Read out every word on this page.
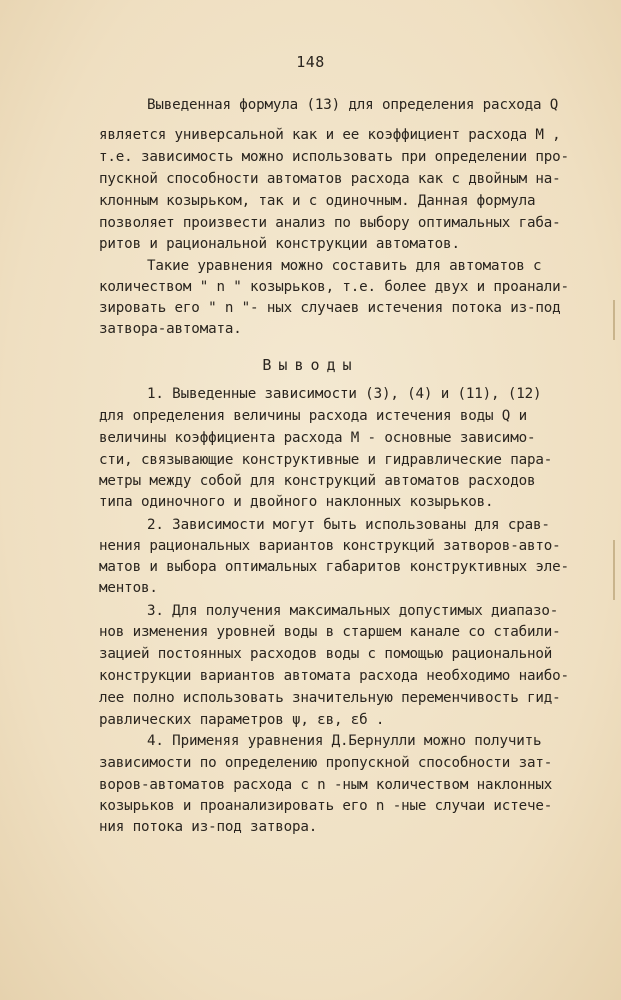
148
Выведенная формула (13) для определения расхода Q
является универсальной как и ее коэффициент расхода M ,
т.е. зависимость можно использовать при определении про-
пускной способности автоматов расхода как с двойным на-
клонным козырьком, так и с одиночным. Данная формула
позволяет произвести анализ по выбору оптимальных габа-
ритов и рациональной конструкции автоматов.
Такие уравнения можно составить для автоматов с
количеством " n " козырьков, т.е. более двух и проанали-
зировать его " n "- ных случаев истечения потока из-под
затвора-автомата.
Выводы
1. Выведенные зависимости (3), (4) и (11), (12)
для определения величины расхода истечения воды Q и
величины коэффициента расхода M - основные зависимо-
сти, связывающие конструктивные и гидравлические пара-
метры между собой для конструкций автоматов расходов
типа одиночного и двойного наклонных козырьков.
2. Зависимости могут быть использованы для срав-
нения рациональных вариантов конструкций затворов-авто-
матов и выбора оптимальных габаритов конструктивных эле-
ментов.
3. Для получения максимальных допустимых диапазо-
нов изменения уровней воды в старшем канале со стабили-
зацией постоянных расходов воды с помощью рациональной
конструкции вариантов автомата расхода необходимо наибо-
лее полно использовать значительную переменчивость гид-
равлических параметров ψ, εв, εб .
4. Применяя уравнения Д.Бернулли можно получить
зависимости по определению пропускной способности зат-
воров-автоматов расхода с n -ным количеством наклонных
козырьков и проанализировать его n -ные случаи истече-
ния потока из-под затвора.
